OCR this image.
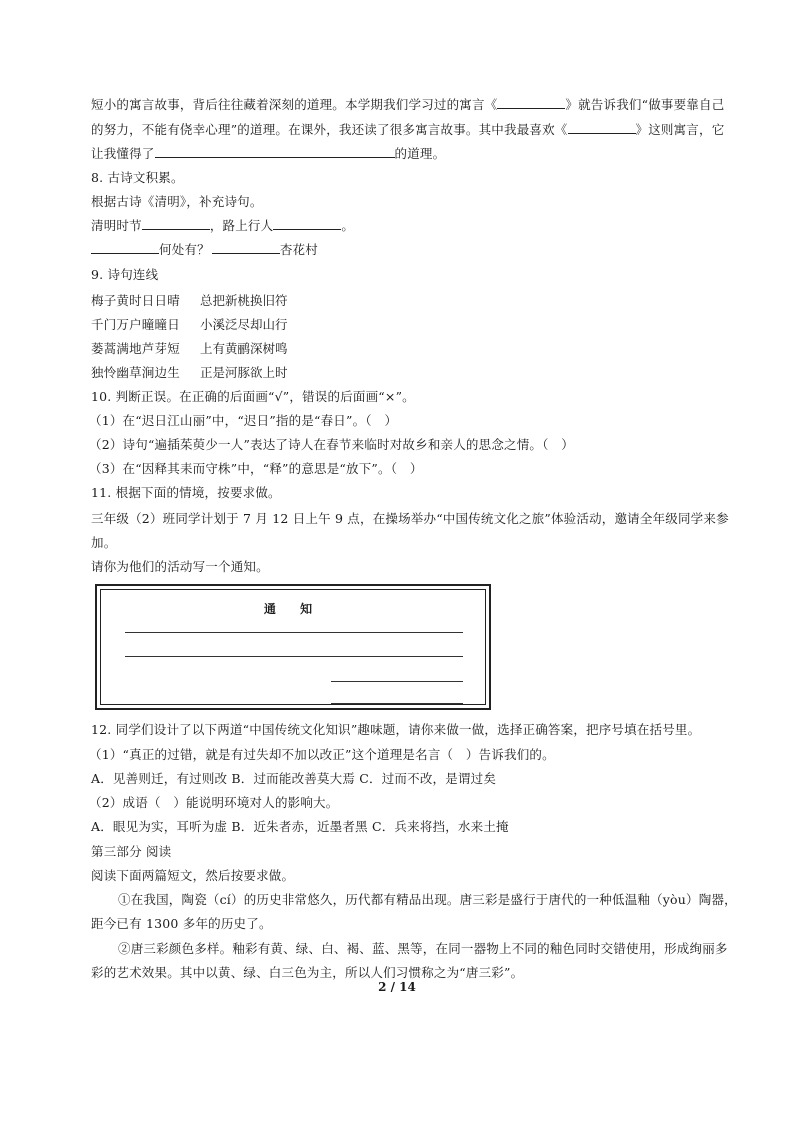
短小的寓言故事，背后往往藏着深刻的道理。本学期我们学习过的寓言《	》就告诉我们“做事要靠自己
的努力，不能有侥幸心理”的道理。在课外，我还读了很多寓言故事。其中我最喜欢《	》这则寓言，它
让我懂得了	的道理。
8. 古诗文积累。
根据古诗《清明》，补充诗句。
清明时节	，路上行人	。
何处有？	杏花村
9. 诗句连线
梅子黄时日日晴 总把新桃换旧符
千门万户曈曈日 小溪泛尽却山行
蒌蒿满地芦芽短 上有黄鹂深树鸣
独怜幽草涧边生 正是河豚欲上时
10. 判断正误。在正确的后面画“√”，错误的后面画“×”。
（1）在“迟日江山丽”中，“迟日”指的是“春日”。（　）
（2）诗句“遍插茱萸少一人”表达了诗人在春节来临时对故乡和亲人的思念之情。（　）
（3）在“因释其耒而守株”中，“释”的意思是“放下”。（　）
11. 根据下面的情境，按要求做。
三年级（2）班同学计划于 7 月 12 日上午 9 点，在操场举办“中国传统文化之旅”体验活动，邀请全年级同学来参
加。
请你为他们的活动写一个通知。
通 知
12. 同学们设计了以下两道“中国传统文化知识”趣味题，请你来做一做，选择正确答案，把序号填在括号里。
（1）“真正的过错，就是有过失却不加以改正”这个道理是名言（　）告诉我们的。
A．见善则迁，有过则改 B．过而能改善莫大焉 C．过而不改，是谓过矣
（2）成语（　）能说明环境对人的影响大。
A．眼见为实，耳听为虚 B．近朱者赤，近墨者黑 C．兵来将挡，水来土掩
第三部分 阅读
阅读下面两篇短文，然后按要求做。
①在我国，陶瓷（cí）的历史非常悠久，历代都有精品出现。唐三彩是盛行于唐代的一种低温釉（yòu）陶器，
距今已有 1300 多年的历史了。
②唐三彩颜色多样。釉彩有黄、绿、白、褐、蓝、黑等，在同一器物上不同的釉色同时交错使用，形成绚丽多
彩的艺术效果。其中以黄、绿、白三色为主，所以人们习惯称之为“唐三彩”。
2 / 14
